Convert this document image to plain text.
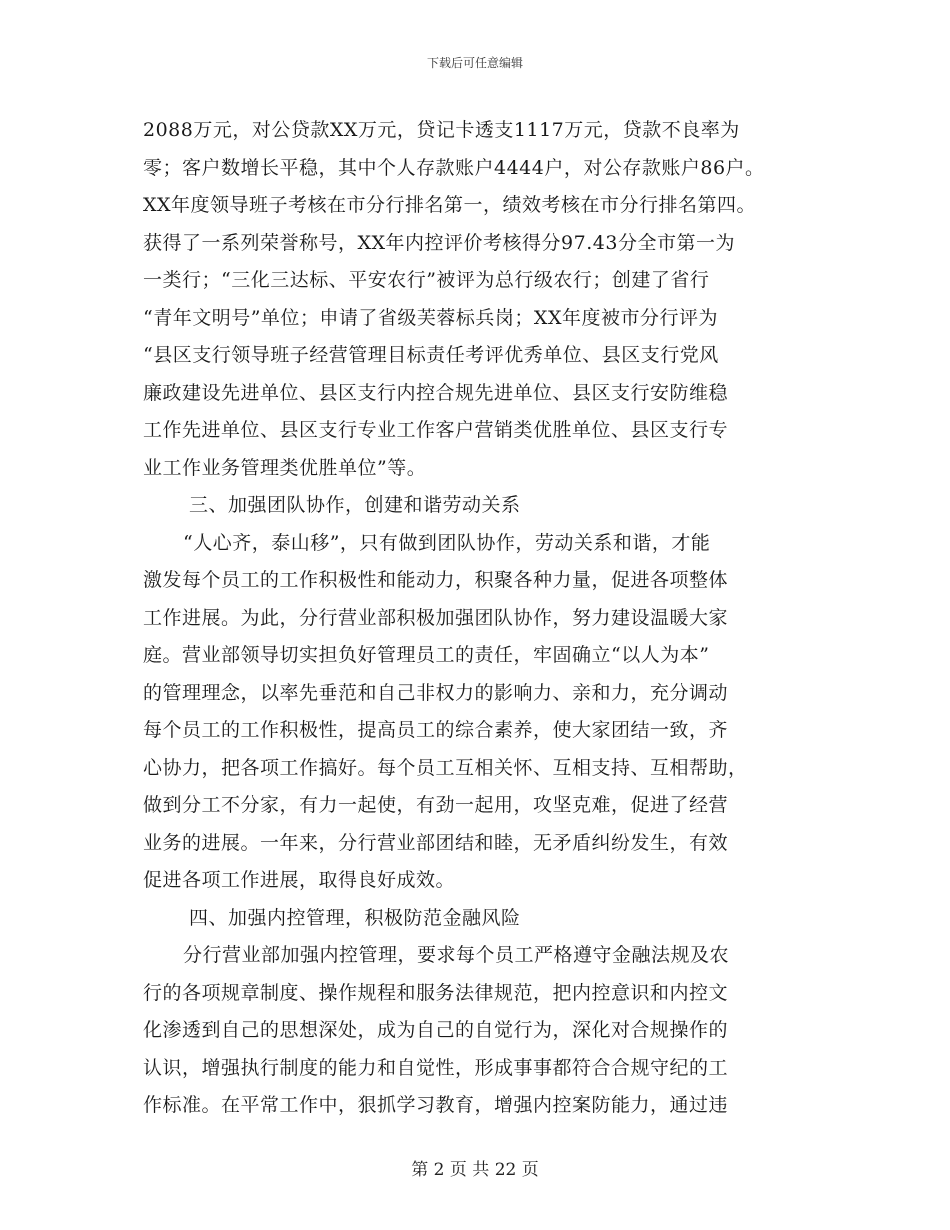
下载后可任意编辑
2088万元，对公贷款XX万元，贷记卡透支1117万元，贷款不良率为
零；客户数增长平稳，其中个人存款账户4444户，对公存款账户86户。
XX年度领导班子考核在市分行排名第一，绩效考核在市分行排名第四。
获得了一系列荣誉称号，XX年内控评价考核得分97.43分全市第一为
一类行；“三化三达标、平安农行”被评为总行级农行；创建了省行
“青年文明号”单位；申请了省级芙蓉标兵岗；XX年度被市分行评为
“县区支行领导班子经营管理目标责任考评优秀单位、县区支行党风
廉政建设先进单位、县区支行内控合规先进单位、县区支行安防维稳
工作先进单位、县区支行专业工作客户营销类优胜单位、县区支行专
业工作业务管理类优胜单位”等。
三、加强团队协作，创建和谐劳动关系
“人心齐，泰山移”，只有做到团队协作，劳动关系和谐，才能
激发每个员工的工作积极性和能动力，积聚各种力量，促进各项整体
工作进展。为此，分行营业部积极加强团队协作，努力建设温暖大家
庭。营业部领导切实担负好管理员工的责任，牢固确立“以人为本”
的管理理念，以率先垂范和自己非权力的影响力、亲和力，充分调动
每个员工的工作积极性，提高员工的综合素养，使大家团结一致，齐
心协力，把各项工作搞好。每个员工互相关怀、互相支持、互相帮助，
做到分工不分家，有力一起使，有劲一起用，攻坚克难，促进了经营
业务的进展。一年来，分行营业部团结和睦，无矛盾纠纷发生，有效
促进各项工作进展，取得良好成效。
四、加强内控管理，积极防范金融风险
分行营业部加强内控管理，要求每个员工严格遵守金融法规及农
行的各项规章制度、操作规程和服务法律规范，把内控意识和内控文
化渗透到自己的思想深处，成为自己的自觉行为，深化对合规操作的
认识，增强执行制度的能力和自觉性，形成事事都符合合规守纪的工
作标准。在平常工作中，狠抓学习教育，增强内控案防能力，通过违
第 2 页 共 22 页
